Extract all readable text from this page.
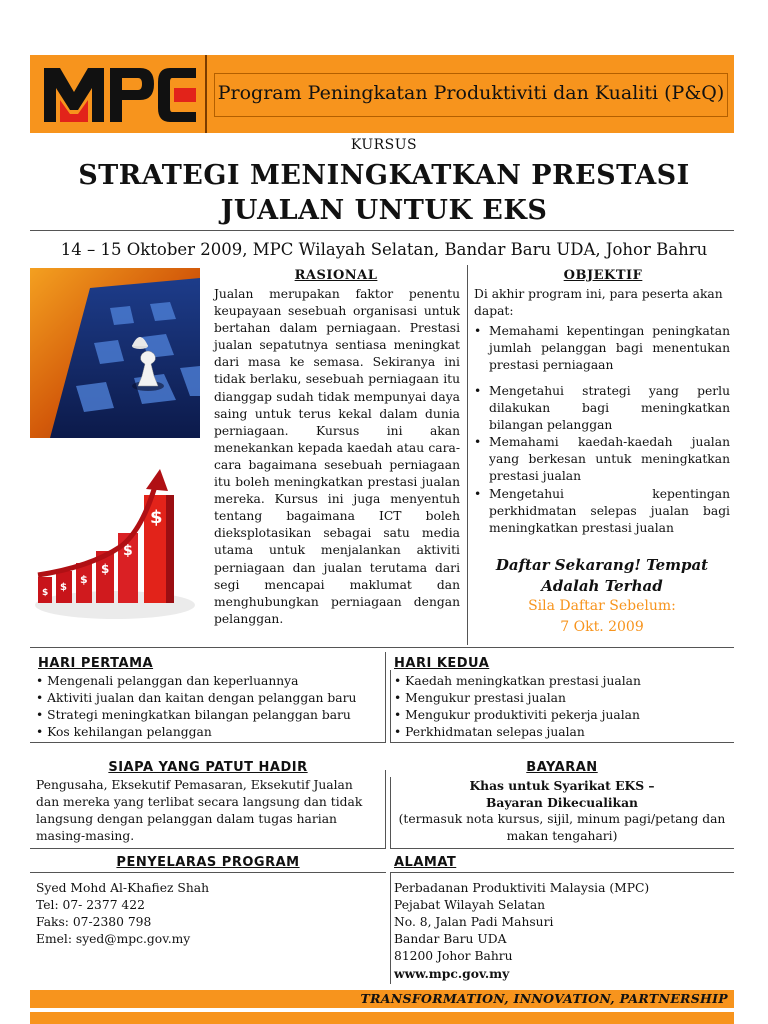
Program Peningkatan Produktiviti dan Kualiti (P&Q)
KURSUS
STRATEGI MENINGKATKAN PRESTASI
JUALAN UNTUK EKS
14 – 15 Oktober 2009, MPC Wilayah Selatan, Bandar Baru UDA, Johor Bahru
$ $
$
$
$
$
RASIONAL
Jualan merupakan faktor penentu
keupayaan sesebuah organisasi untuk
bertahan dalam perniagaan. Prestasi
jualan sepatutnya sentiasa meningkat
dari masa ke semasa. Sekiranya ini
tidak berlaku, sesebuah perniagaan itu
dianggap sudah tidak mempunyai daya
saing untuk terus kekal dalam dunia
perniagaan. Kursus ini akan
menekankan kepada kaedah atau cara-
cara bagaimana sesebuah perniagaan
itu boleh meningkatkan prestasi jualan
mereka. Kursus ini juga menyentuh
tentang bagaimana ICT boleh
dieksplotasikan sebagai satu media
utama untuk menjalankan aktiviti
perniagaan dan jualan terutama dari
segi mencapai maklumat dan
menghubungkan perniagaan dengan
pelanggan.
OBJEKTIF
Di akhir program ini, para peserta akan
dapat:
• Memahami kepentingan peningkatan
jumlah pelanggan bagi menentukan
prestasi perniagaan
• Mengetahui strategi yang perlu
dilakukan bagi meningkatkan
bilangan pelanggan
• Memahami kaedah-kaedah jualan
yang berkesan untuk meningkatkan
prestasi jualan
• Mengetahui kepentingan
perkhidmatan selepas jualan bagi
meningkatkan prestasi jualan
Daftar Sekarang! Tempat
Adalah Terhad
Sila Daftar Sebelum:
7 Okt. 2009
HARI PERTAMA
• Mengenali pelanggan dan keperluannya
• Aktiviti jualan dan kaitan dengan pelanggan baru
• Strategi meningkatkan bilangan pelanggan baru
• Kos kehilangan pelanggan
HARI KEDUA
• Kaedah meningkatkan prestasi jualan
• Mengukur prestasi jualan
• Mengukur produktiviti pekerja jualan
• Perkhidmatan selepas jualan
SIAPA YANG PATUT HADIR
Pengusaha, Eksekutif Pemasaran, Eksekutif Jualan
dan mereka yang terlibat secara langsung dan tidak
langsung dengan pelanggan dalam tugas harian
masing-masing.
BAYARAN
Khas untuk Syarikat EKS –
Bayaran Dikecualikan
(termasuk nota kursus, sijil, minum pagi/petang dan
makan tengahari)
PENYELARAS PROGRAM
Syed Mohd Al-Khafiez Shah
Tel: 07- 2377 422
Faks: 07-2380 798
Emel: syed@mpc.gov.my
ALAMAT
Perbadanan Produktiviti Malaysia (MPC)
Pejabat Wilayah Selatan
No. 8, Jalan Padi Mahsuri
Bandar Baru UDA
81200 Johor Bahru
www.mpc.gov.my
TRANSFORMATION, INNOVATION, PARTNERSHIP
